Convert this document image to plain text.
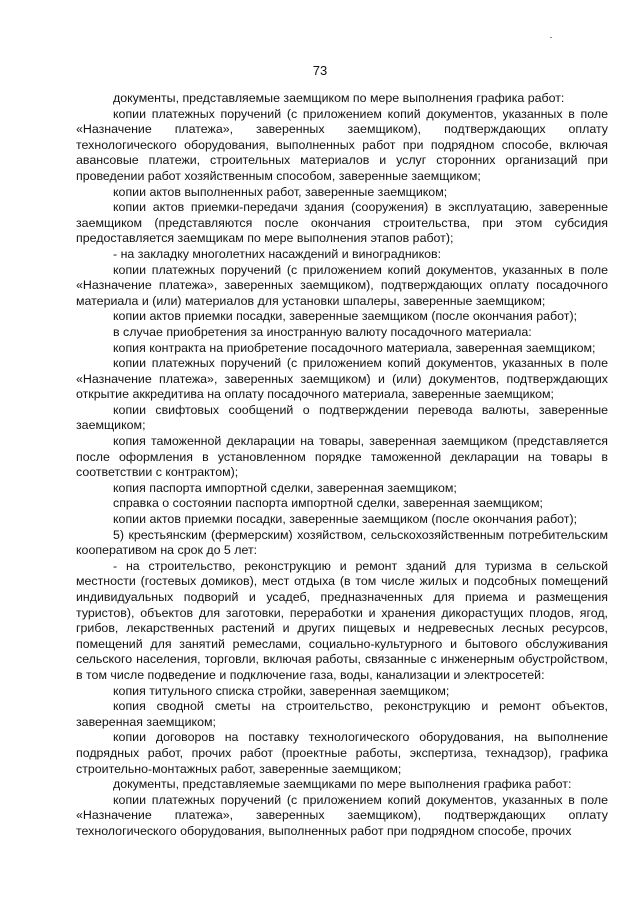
73

документы, представляемые заемщиком по мере выполнения графика работ:

копии платежных поручений (с приложением копий документов, указанных в поле «Назначение платежа», заверенных заемщиком), подтверждающих оплату технологического оборудования, выполненных работ при подрядном способе, включая авансовые платежи, строительных материалов и услуг сторонних организаций при проведении работ хозяйственным способом, заверенные заемщиком;

копии актов выполненных работ, заверенные заемщиком;

копии актов приемки-передачи здания (сооружения) в эксплуатацию, заверенные заемщиком (представляются после окончания строительства, при этом субсидия предоставляется заемщикам по мере выполнения этапов работ);

- на закладку многолетних насаждений и виноградников:

копии платежных поручений (с приложением копий документов, указанных в поле «Назначение платежа», заверенных заемщиком), подтверждающих оплату посадочного материала и (или) материалов для установки шпалеры, заверенные заемщиком;

копии актов приемки посадки, заверенные заемщиком (после окончания работ);

в случае приобретения за иностранную валюту посадочного материала:

копия контракта на приобретение посадочного материала, заверенная заемщиком;

копии платежных поручений (с приложением копий документов, указанных в поле «Назначение платежа», заверенных заемщиком) и (или) документов, подтверждающих открытие аккредитива на оплату посадочного материала, заверенные заемщиком;

копии свифтовых сообщений о подтверждении перевода валюты, заверенные заемщиком;

копия таможенной декларации на товары, заверенная заемщиком (представляется после оформления в установленном порядке таможенной декларации на товары в соответствии с контрактом);

копия паспорта импортной сделки, заверенная заемщиком;

справка о состоянии паспорта импортной сделки, заверенная заемщиком;

копии актов приемки посадки, заверенные заемщиком (после окончания работ);

5) крестьянским (фермерским) хозяйством, сельскохозяйственным потребительским кооперативом на срок до 5 лет:

- на строительство, реконструкцию и ремонт зданий для туризма в сельской местности (гостевых домиков), мест отдыха (в том числе жилых и подсобных помещений индивидуальных подворий и усадеб, предназначенных для приема и размещения туристов), объектов для заготовки, переработки и хранения дикорастущих плодов, ягод, грибов, лекарственных растений и других пищевых и недревесных лесных ресурсов, помещений для занятий ремеслами, социально-культурного и бытового обслуживания сельского населения, торговли, включая работы, связанные с инженерным обустройством, в том числе подведение и подключение газа, воды, канализации и электросетей:

копия титульного списка стройки, заверенная заемщиком;

копия сводной сметы на строительство, реконструкцию и ремонт объектов, заверенная заемщиком;

копии договоров на поставку технологического оборудования, на выполнение подрядных работ, прочих работ (проектные работы, экспертиза, технадзор), графика строительно-монтажных работ, заверенные заемщиком;

документы, представляемые заемщиками по мере выполнения графика работ:

копии платежных поручений (с приложением копий документов, указанных в поле «Назначение платежа», заверенных заемщиком), подтверждающих оплату технологического оборудования, выполненных работ при подрядном способе, прочих
